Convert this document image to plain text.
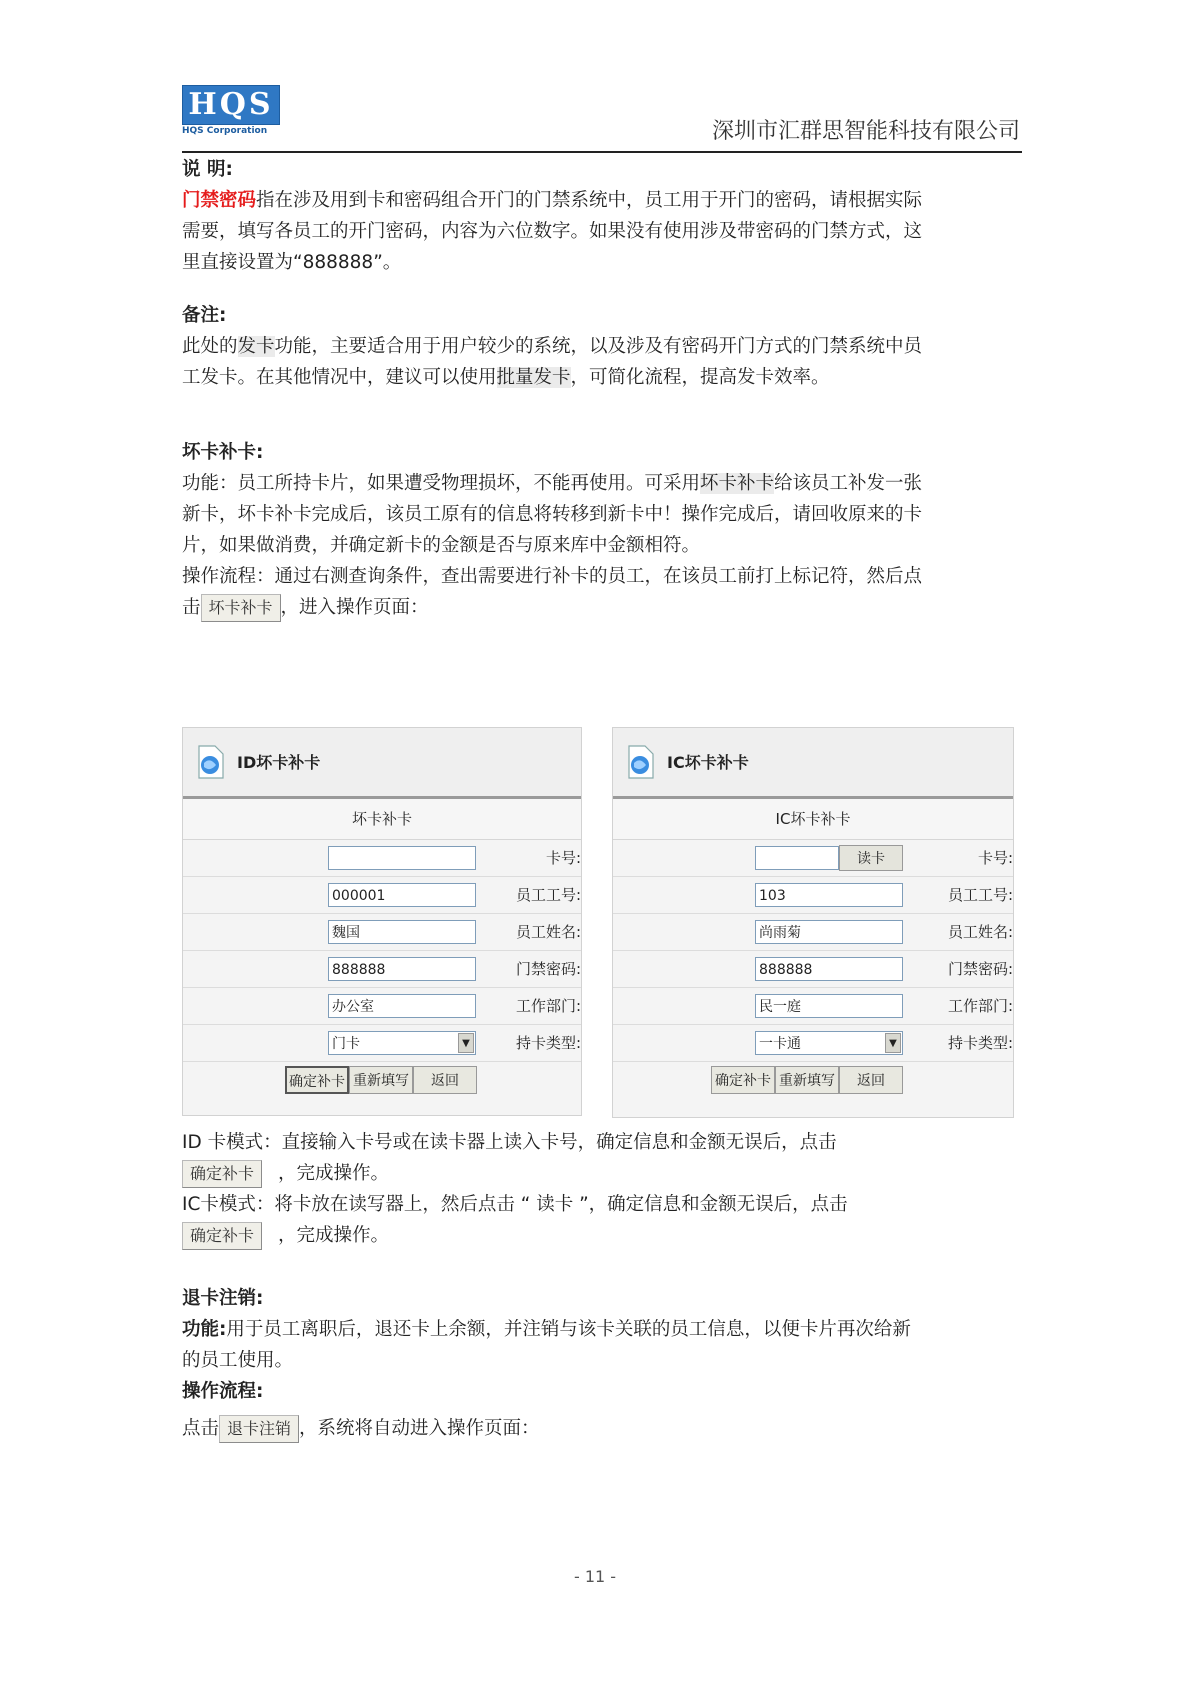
HQS
HQS Corporation	深圳市汇群思智能科技有限公司
说 明:
门禁密码指在涉及用到卡和密码组合开门的门禁系统中，员工用于开门的密码，请根据实际
需要，填写各员工的开门密码，内容为六位数字。如果没有使用涉及带密码的门禁方式，这
里直接设置为“888888”。
备注:
此处的发卡功能，主要适合用于用户较少的系统，以及涉及有密码开门方式的门禁系统中员
工发卡。在其他情况中，建议可以使用批量发卡，可简化流程，提高发卡效率。
坏卡补卡:
功能：员工所持卡片，如果遭受物理损坏，不能再使用。可采用坏卡补卡给该员工补发一张
新卡，坏卡补卡完成后，该员工原有的信息将转移到新卡中！操作完成后，请回收原来的卡
片，如果做消费，并确定新卡的金额是否与原来库中金额相符。
操作流程：通过右测查询条件，查出需要进行补卡的员工，在该员工前打上标记符，然后点
击 坏卡补卡 ，进入操作页面：
ID坏卡补卡
坏卡补卡
卡号:
员工工号:
000001
员工姓名:
魏国
门禁密码:
888888
工作部门:
办公室
持卡类型:
门卡	▼
确定补卡 重新填写	返回
IC坏卡补卡
IC坏卡补卡
卡号:
读卡
员工工号:
103
员工姓名:
尚雨菊
门禁密码:
888888
工作部门:
民一庭
持卡类型:
一卡通	▼
确定补卡 重新填写	返回
ID 卡模式：直接输入卡号或在读卡器上读入卡号，确定信息和金额无误后，点击
确定补卡 ，完成操作。
IC卡模式：将卡放在读写器上，然后点击 “ 读卡 ”，确定信息和金额无误后，点击
确定补卡 ，完成操作。
退卡注销:
功能:用于员工离职后，退还卡上余额，并注销与该卡关联的员工信息，以便卡片再次给新
的员工使用。
操作流程:
点击 退卡注销 ，系统将自动进入操作页面：
- 11 -
